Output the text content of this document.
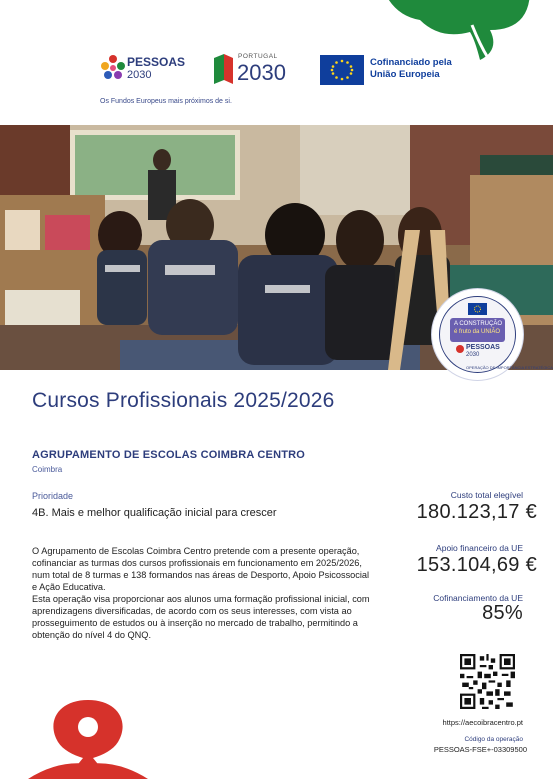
PESSOAS
2030
PORTUGAL
2030	Cofinanciado pela
União Europeia
Os Fundos Europeus mais próximos de si.
A CONSTRUÇÃO
é fruto da UNIÃO
PESSOAS
2030
OPERAÇÃO DE IMPORTÂNCIA ESTRATÉGICA
Cursos Profissionais 2025/2026
AGRUPAMENTO DE ESCOLAS COIMBRA CENTRO
Coimbra
Prioridade
4B. Mais e melhor qualificação inicial para crescer

O Agrupamento de Escolas Coimbra Centro pretende com a presente operação, cofinanciar as turmas dos cursos profissionais em funcionamento em 2025/2026, num total de 8 turmas e 138 formandos nas áreas de Desporto, Apoio Psicossocial e Ação Educativa.

Esta operação visa proporcionar aos alunos uma formação profissional inicial, com aprendizagens diversificadas, de acordo com os seus interesses, com vista ao prosseguimento de estudos ou à inserção no mercado de trabalho, permitindo a obtenção do nível 4 do QNQ.

Custo total elegível
180.123,17 €
Apoio financeiro da UE
153.104,69 €
Cofinanciamento da UE
85%
https://aecoibracentro.pt
Código da operação
PESSOAS-FSE+-03309500
